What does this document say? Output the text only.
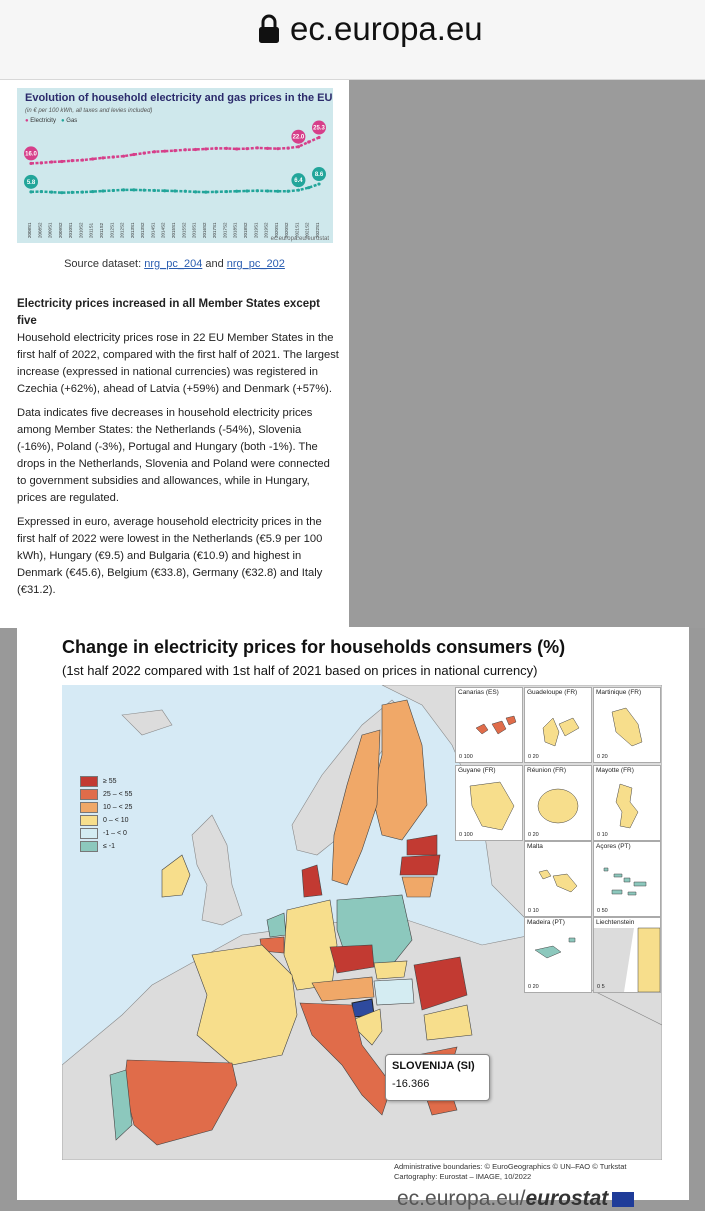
ec.europa.eu
Evolution of household electricity and gas prices in the EU
(in € per 100 kWh, all taxes and levies included)
● Electricity ● Gas
2008S1 2008S2 2009S1 2009S2 2010S1 2010S2 2011S1 2011S2 2012S1 2012S2 2013S1 2013S2 2014S1 2014S2 2015S1 2015S2 2016S1 2016S2 2017S1 2017S2 2018S1 2018S2 2019S1 2019S2 2020S1 2020S2 2021S1 2021S2 2022S1
16.0
22.0
25.3
5.8	6.4
8.6
ec.europa.eu/eurostat
Source dataset: nrg_pc_204 and nrg_pc_202
Electricity prices increased in all Member States except five

Household electricity prices rose in 22 EU Member States in the first half of 2022, compared with the first half of 2021. The largest increase (expressed in national currencies) was registered in Czechia (+62%), ahead of Latvia (+59%) and Denmark (+57%).

Data indicates five decreases in household electricity prices among Member States: the Netherlands (-54%), Slovenia (-16%), Poland (-3%), Portugal and Hungary (both -1%). The drops in the Netherlands, Slovenia and Poland were connected to government subsidies and allowances, while in Hungary, prices are regulated.

Expressed in euro, average household electricity prices in the first half of 2022 were lowest in the Netherlands (€5.9 per 100 kWh), Hungary (€9.5) and Bulgaria (€10.9) and highest in Denmark (€45.6), Belgium (€33.8), Germany (€32.8) and Italy (€31.2).

Change in electricity prices for households consumers (%)
(1st half 2022 compared with 1st half of 2021 based on prices in national currency)
≥ 55
25 – < 55
10 – < 25
0 – < 10
-1 – < 0
≤ -1
Canarias (ES)
0 100
Guadeloupe (FR)
0 20
Martinique (FR)
0 20
Guyane (FR)
0 100
Réunion (FR)
0 20
Mayotte (FR)
0 10
Malta
0 10
Açores (PT)
0 50
Madeira (PT)
0 20
Liechtenstein
0 5
SLOVENIJA (SI)
-16.366
Administrative boundaries: © EuroGeographics © UN–FAO © Turkstat
Cartography: Eurostat – IMAGE, 10/2022
ec.europa.eu/eurostat
